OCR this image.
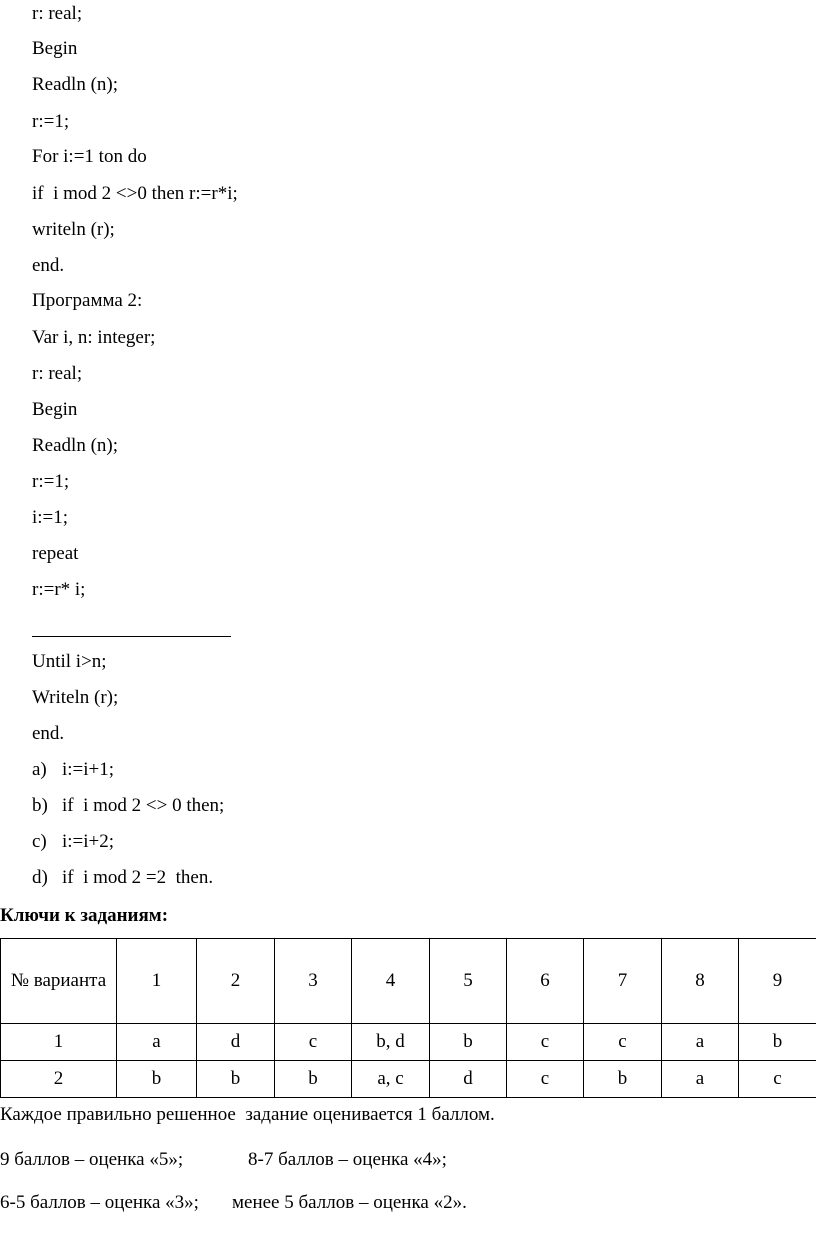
r: real;
Begin
Readln (n);
r:=1;
For i:=1 ton do
if  i mod 2 <>0 then r:=r*i;
writeln (r);
end.
Программа 2:
Var i, n: integer;
r: real;
Begin
Readln (n);
r:=1;
i:=1;
repeat
r:=r* i;
Until i>n;
Writeln (r);
end.
a) i:=i+1;
b) if  i mod 2 <> 0 then;
c) i:=i+2;
d) if  i mod 2 =2  then.
Ключи к заданиям:
№ варианта	1	2	3	4	5	6	7	8	9
1	a	d	c	b, d	b	c	c	a	b
2	b	b	b	a, c	d	c	b	a	c
Каждое правильно решенное  задание оценивается 1 баллом.
9 баллов – оценка «5»;	8-7 баллов – оценка «4»;
6-5 баллов – оценка «3»; менее 5 баллов – оценка «2».
